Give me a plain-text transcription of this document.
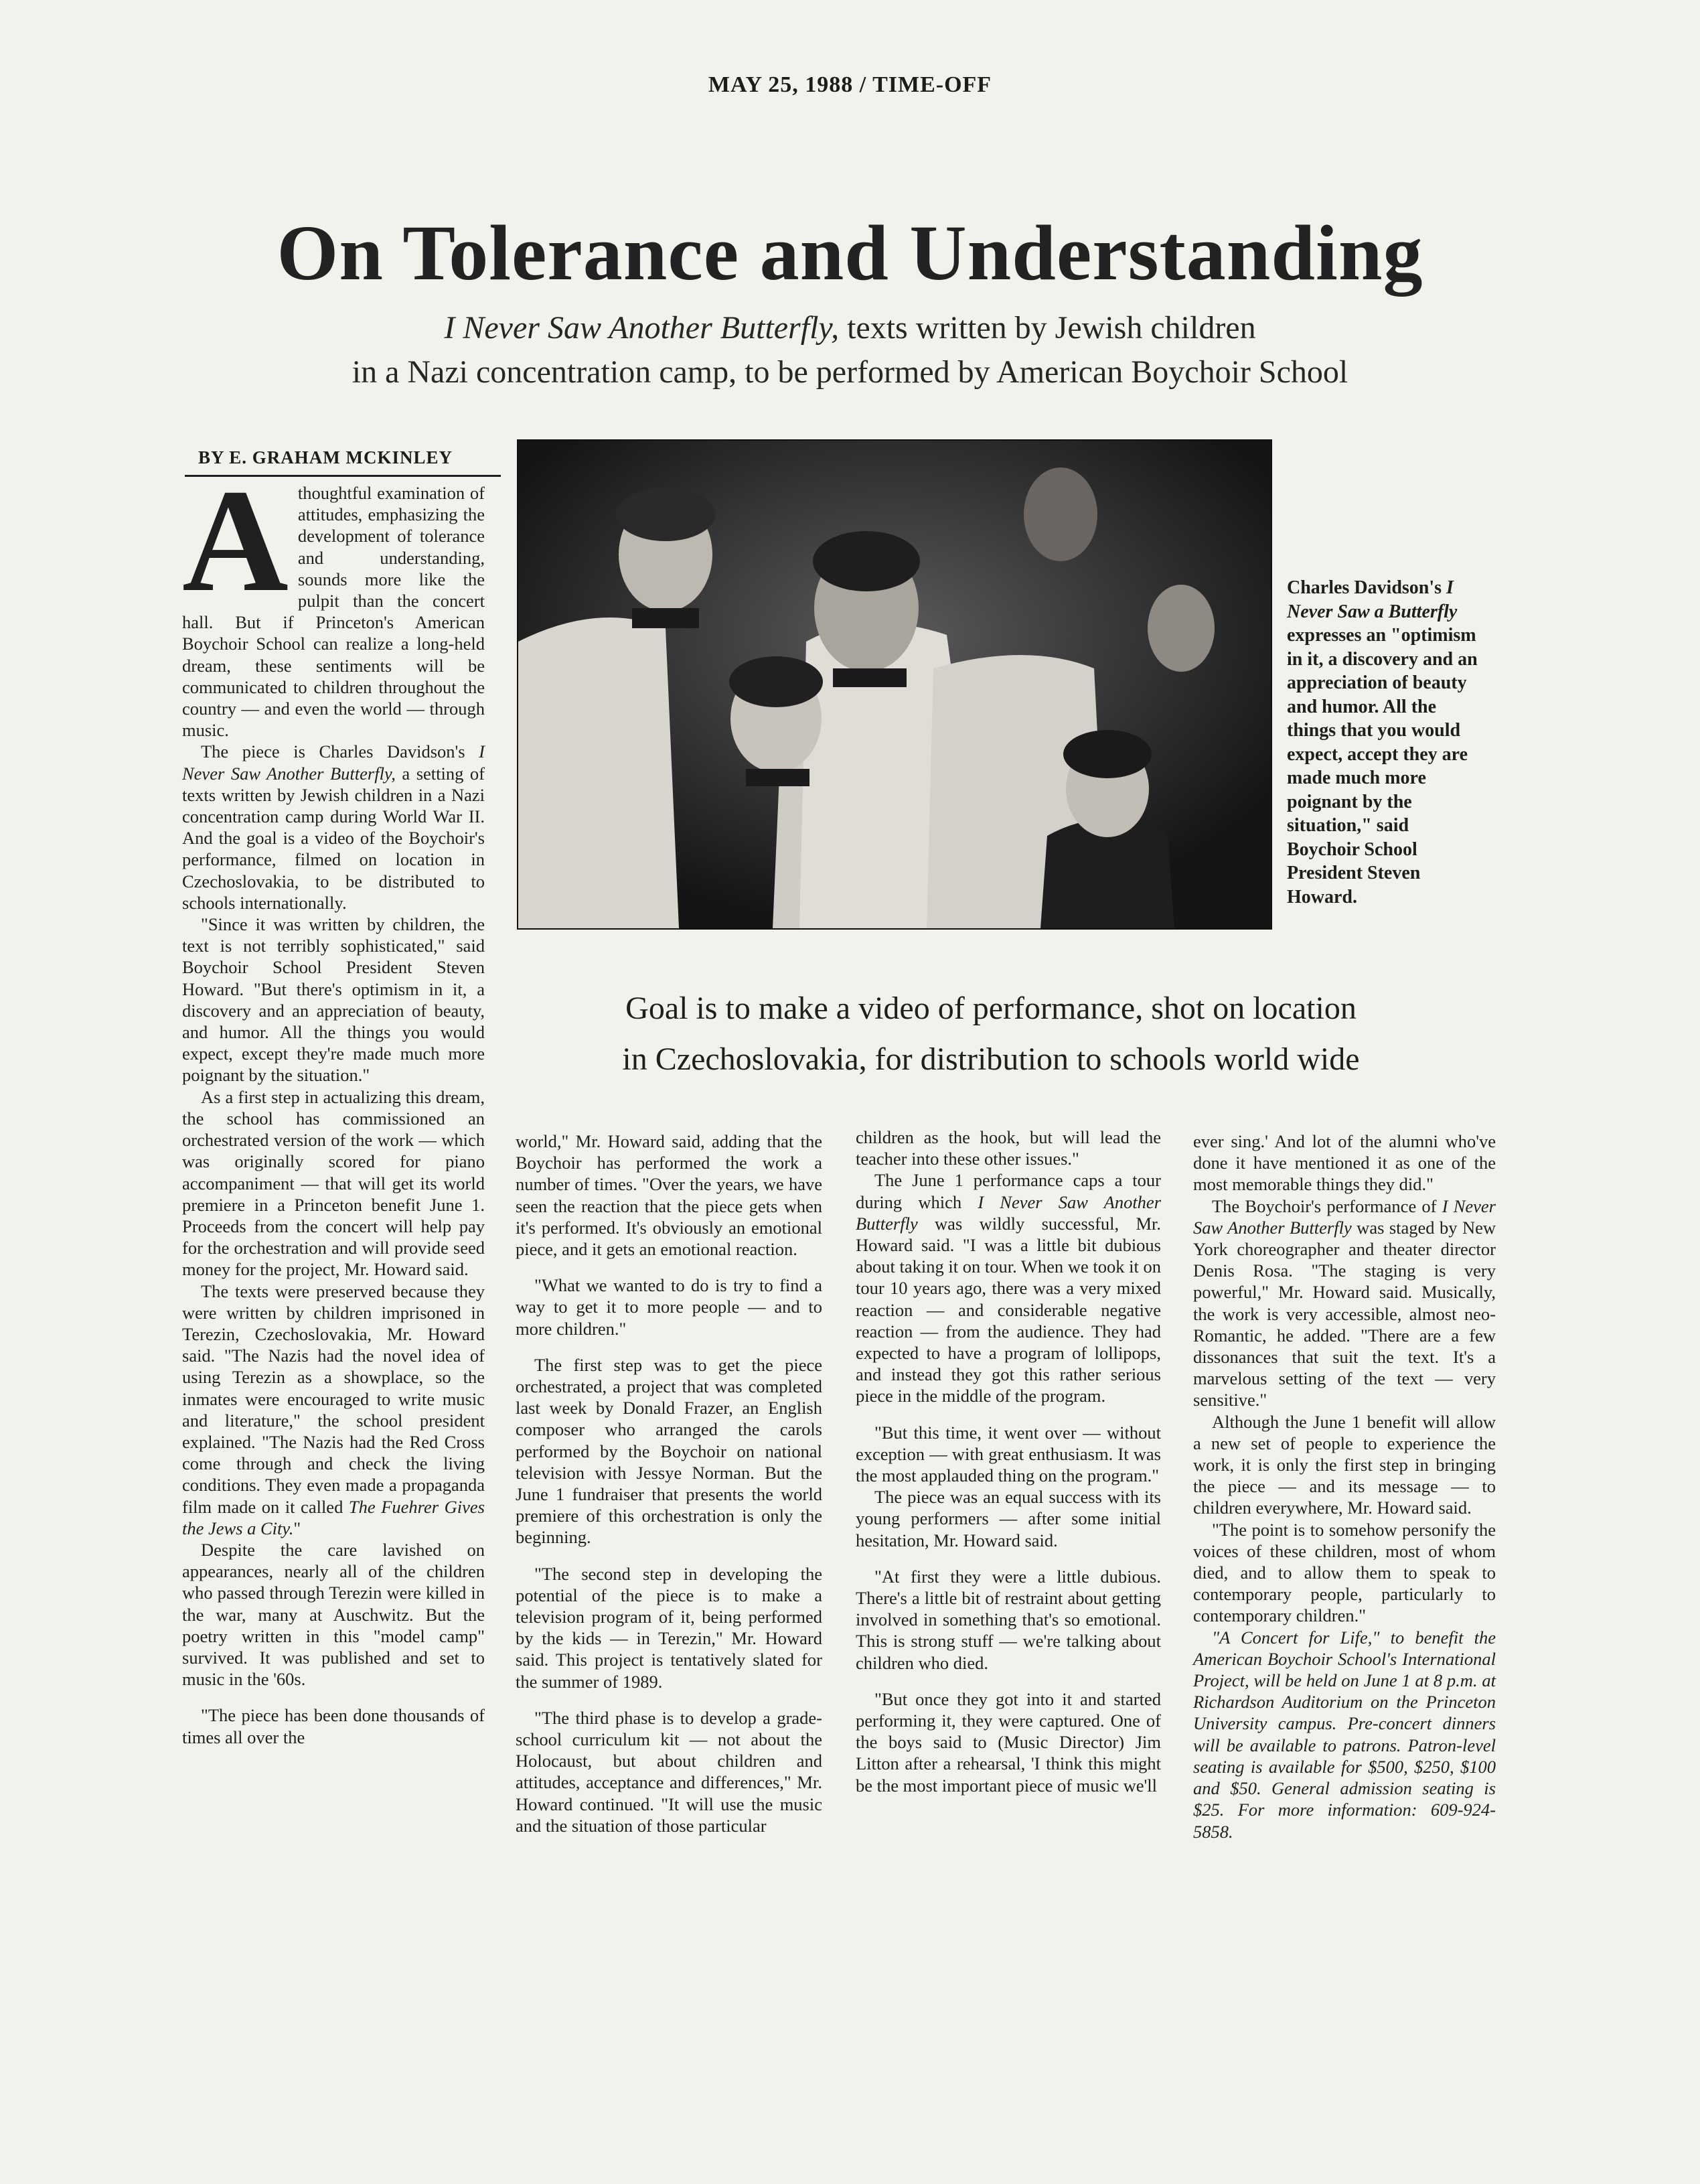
MAY 25, 1988 / TIME-OFF
On Tolerance and Understanding
I Never Saw Another Butterfly, texts written by Jewish children
in a Nazi concentration camp, to be performed by American Boychoir School
BY E. GRAHAM MCKINLEY

A thoughtful examination of attitudes, emphasizing the development of tolerance and understanding, sounds more like the pulpit than the concert hall. But if Princeton's American Boychoir School can realize a long-held dream, these sentiments will be communicated to children throughout the country — and even the world — through music.

The piece is Charles Davidson's I Never Saw Another Butterfly, a setting of texts written by Jewish children in a Nazi concentration camp during World War II. And the goal is a video of the Boychoir's performance, filmed on location in Czechoslovakia, to be distributed to schools internationally.

"Since it was written by children, the text is not terribly sophisticated," said Boychoir School President Steven Howard. "But there's optimism in it, a discovery and an appreciation of beauty, and humor. All the things you would expect, except they're made much more poignant by the situation."

As a first step in actualizing this dream, the school has commissioned an orchestrated version of the work — which was originally scored for piano accompaniment — that will get its world premiere in a Princeton benefit June 1. Proceeds from the concert will help pay for the orchestration and will provide seed money for the project, Mr. Howard said.

The texts were preserved because they were written by children imprisoned in Terezin, Czechoslovakia, Mr. Howard said. "The Nazis had the novel idea of using Terezin as a showplace, so the inmates were encouraged to write music and literature," the school president explained. "The Nazis had the Red Cross come through and check the living conditions. They even made a propaganda film made on it called The Fuehrer Gives the Jews a City."

Despite the care lavished on appearances, nearly all of the children who passed through Terezin were killed in the war, many at Auschwitz. But the poetry written in this "model camp" survived. It was published and set to music in the '60s.

"The piece has been done thousands of times all over the

Charles Davidson's I Never Saw a Butterfly expresses an "optimism in it, a discovery and an appreciation of beauty and humor. All the things that you would expect, accept they are made much more poignant by the situation," said Boychoir School President Steven Howard.
Goal is to make a video of performance, shot on location
in Czechoslovakia, for distribution to schools world wide

world," Mr. Howard said, adding that the Boychoir has performed the work a number of times. "Over the years, we have seen the reaction that the piece gets when it's performed. It's obviously an emotional piece, and it gets an emotional reaction.

"What we wanted to do is try to find a way to get it to more people — and to more children."

The first step was to get the piece orchestrated, a project that was completed last week by Donald Frazer, an English composer who arranged the carols performed by the Boychoir on national television with Jessye Norman. But the June 1 fundraiser that presents the world premiere of this orchestration is only the beginning.

"The second step in developing the potential of the piece is to make a television program of it, being performed by the kids — in Terezin," Mr. Howard said. This project is tentatively slated for the summer of 1989.

"The third phase is to develop a grade-school curriculum kit — not about the Holocaust, but about children and attitudes, acceptance and differences," Mr. Howard continued. "It will use the music and the situation of those particular

children as the hook, but will lead the teacher into these other issues."

The June 1 performance caps a tour during which I Never Saw Another Butterfly was wildly successful, Mr. Howard said. "I was a little bit dubious about taking it on tour. When we took it on tour 10 years ago, there was a very mixed reaction — and considerable negative reaction — from the audience. They had expected to have a program of lollipops, and instead they got this rather serious piece in the middle of the program.

"But this time, it went over — without exception — with great enthusiasm. It was the most applauded thing on the program."

The piece was an equal success with its young performers — after some initial hesitation, Mr. Howard said.

"At first they were a little dubious. There's a little bit of restraint about getting involved in something that's so emotional. This is strong stuff — we're talking about children who died.

"But once they got into it and started performing it, they were captured. One of the boys said to (Music Director) Jim Litton after a rehearsal, 'I think this might be the most important piece of music we'll

ever sing.' And lot of the alumni who've done it have mentioned it as one of the most memorable things they did."

The Boychoir's performance of I Never Saw Another Butterfly was staged by New York choreographer and theater director Denis Rosa. "The staging is very powerful," Mr. Howard said. Musically, the work is very accessible, almost neo-Romantic, he added. "There are a few dissonances that suit the text. It's a marvelous setting of the text — very sensitive."

Although the June 1 benefit will allow a new set of people to experience the work, it is only the first step in bringing the piece — and its message — to children everywhere, Mr. Howard said.

"The point is to somehow personify the voices of these children, most of whom died, and to allow them to speak to contemporary people, particularly to contemporary children."

"A Concert for Life," to benefit the American Boychoir School's International Project, will be held on June 1 at 8 p.m. at Richardson Auditorium on the Princeton University campus. Pre-concert dinners will be available to patrons. Patron-level seating is available for $500, $250, $100 and $50. General admission seating is $25. For more information: 609-924-5858.
